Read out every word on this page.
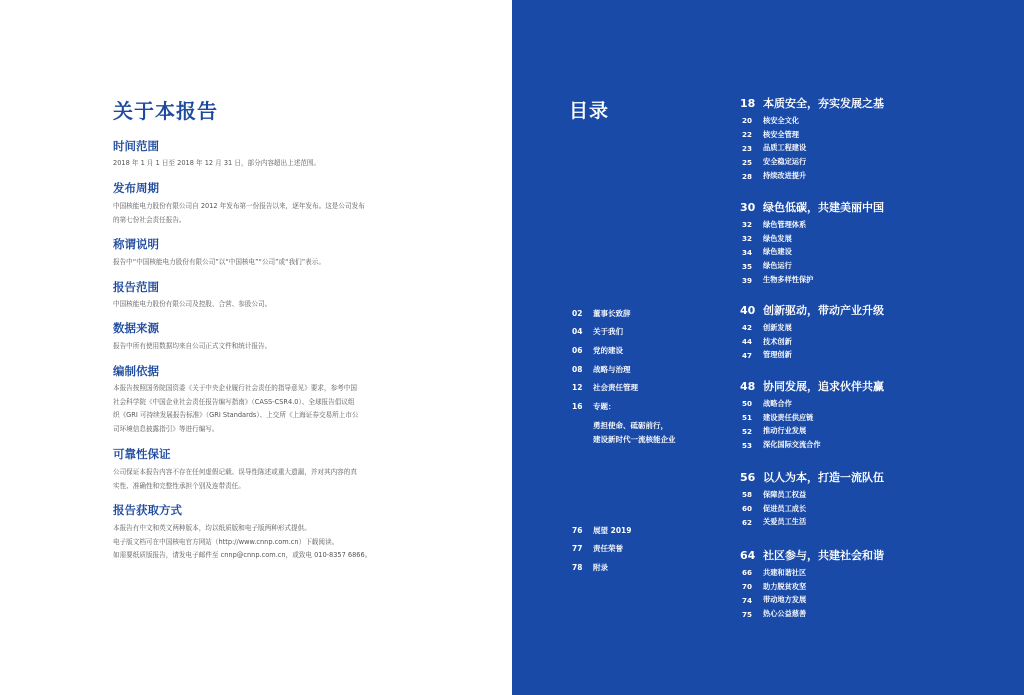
关于本报告
时间范围
2018 年 1 月 1 日至 2018 年 12 月 31 日，部分内容超出上述范围。
发布周期
中国核能电力股份有限公司自 2012 年发布第一份报告以来，逐年发布。这是公司发布
的第七份社会责任报告。
称谓说明
报告中“中国核能电力股份有限公司”以“中国核电”“公司”或“我们”表示。
报告范围
中国核能电力股份有限公司及控股、合营、参股公司。
数据来源
报告中所有使用数据均来自公司正式文件和统计报告。
编制依据
本报告按照国务院国资委《关于中央企业履行社会责任的指导意见》要求，参考中国
社会科学院《中国企业社会责任报告编写指南》（CASS-CSR4.0）、全球报告倡议组
织《GRI 可持续发展报告标准》（GRI Standards）、上交所《上海证券交易所上市公
司环境信息披露指引》等进行编写。
可靠性保证
公司保证本报告内容不存在任何虚假记载、误导性陈述或重大遗漏，并对其内容的真
实性、准确性和完整性承担个别及连带责任。
报告获取方式
本报告有中文和英文两种版本，均以纸质版和电子版两种形式提供。
电子版文档可在中国核电官方网站（http://www.cnnp.com.cn）下载阅读。
如需要纸质版报告，请发电子邮件至 cnnp@cnnp.com.cn，或致电 010-8357 6866。
目录
02	董事长致辞
04	关于我们
06	党的建设
08	战略与治理
12	社会责任管理
16	专题：
勇担使命、砥砺前行，
建设新时代一流核能企业
76	展望 2019
77	责任荣誉
78	附录
18 本质安全，夯实发展之基
20	核安全文化
22	核安全管理
23	品质工程建设
25	安全稳定运行
28	持续改进提升
30 绿色低碳，共建美丽中国
32	绿色管理体系
32	绿色发展
34	绿色建设
35	绿色运行
39	生物多样性保护
40 创新驱动，带动产业升级
42	创新发展
44	技术创新
47	管理创新
48 协同发展，追求伙伴共赢
50	战略合作
51	建设责任供应链
52	推动行业发展
53	深化国际交流合作
56 以人为本，打造一流队伍
58	保障员工权益
60	促进员工成长
62	关爱员工生活
64 社区参与，共建社会和谐
66	共建和谐社区
70	助力脱贫攻坚
74	带动地方发展
75	热心公益慈善
